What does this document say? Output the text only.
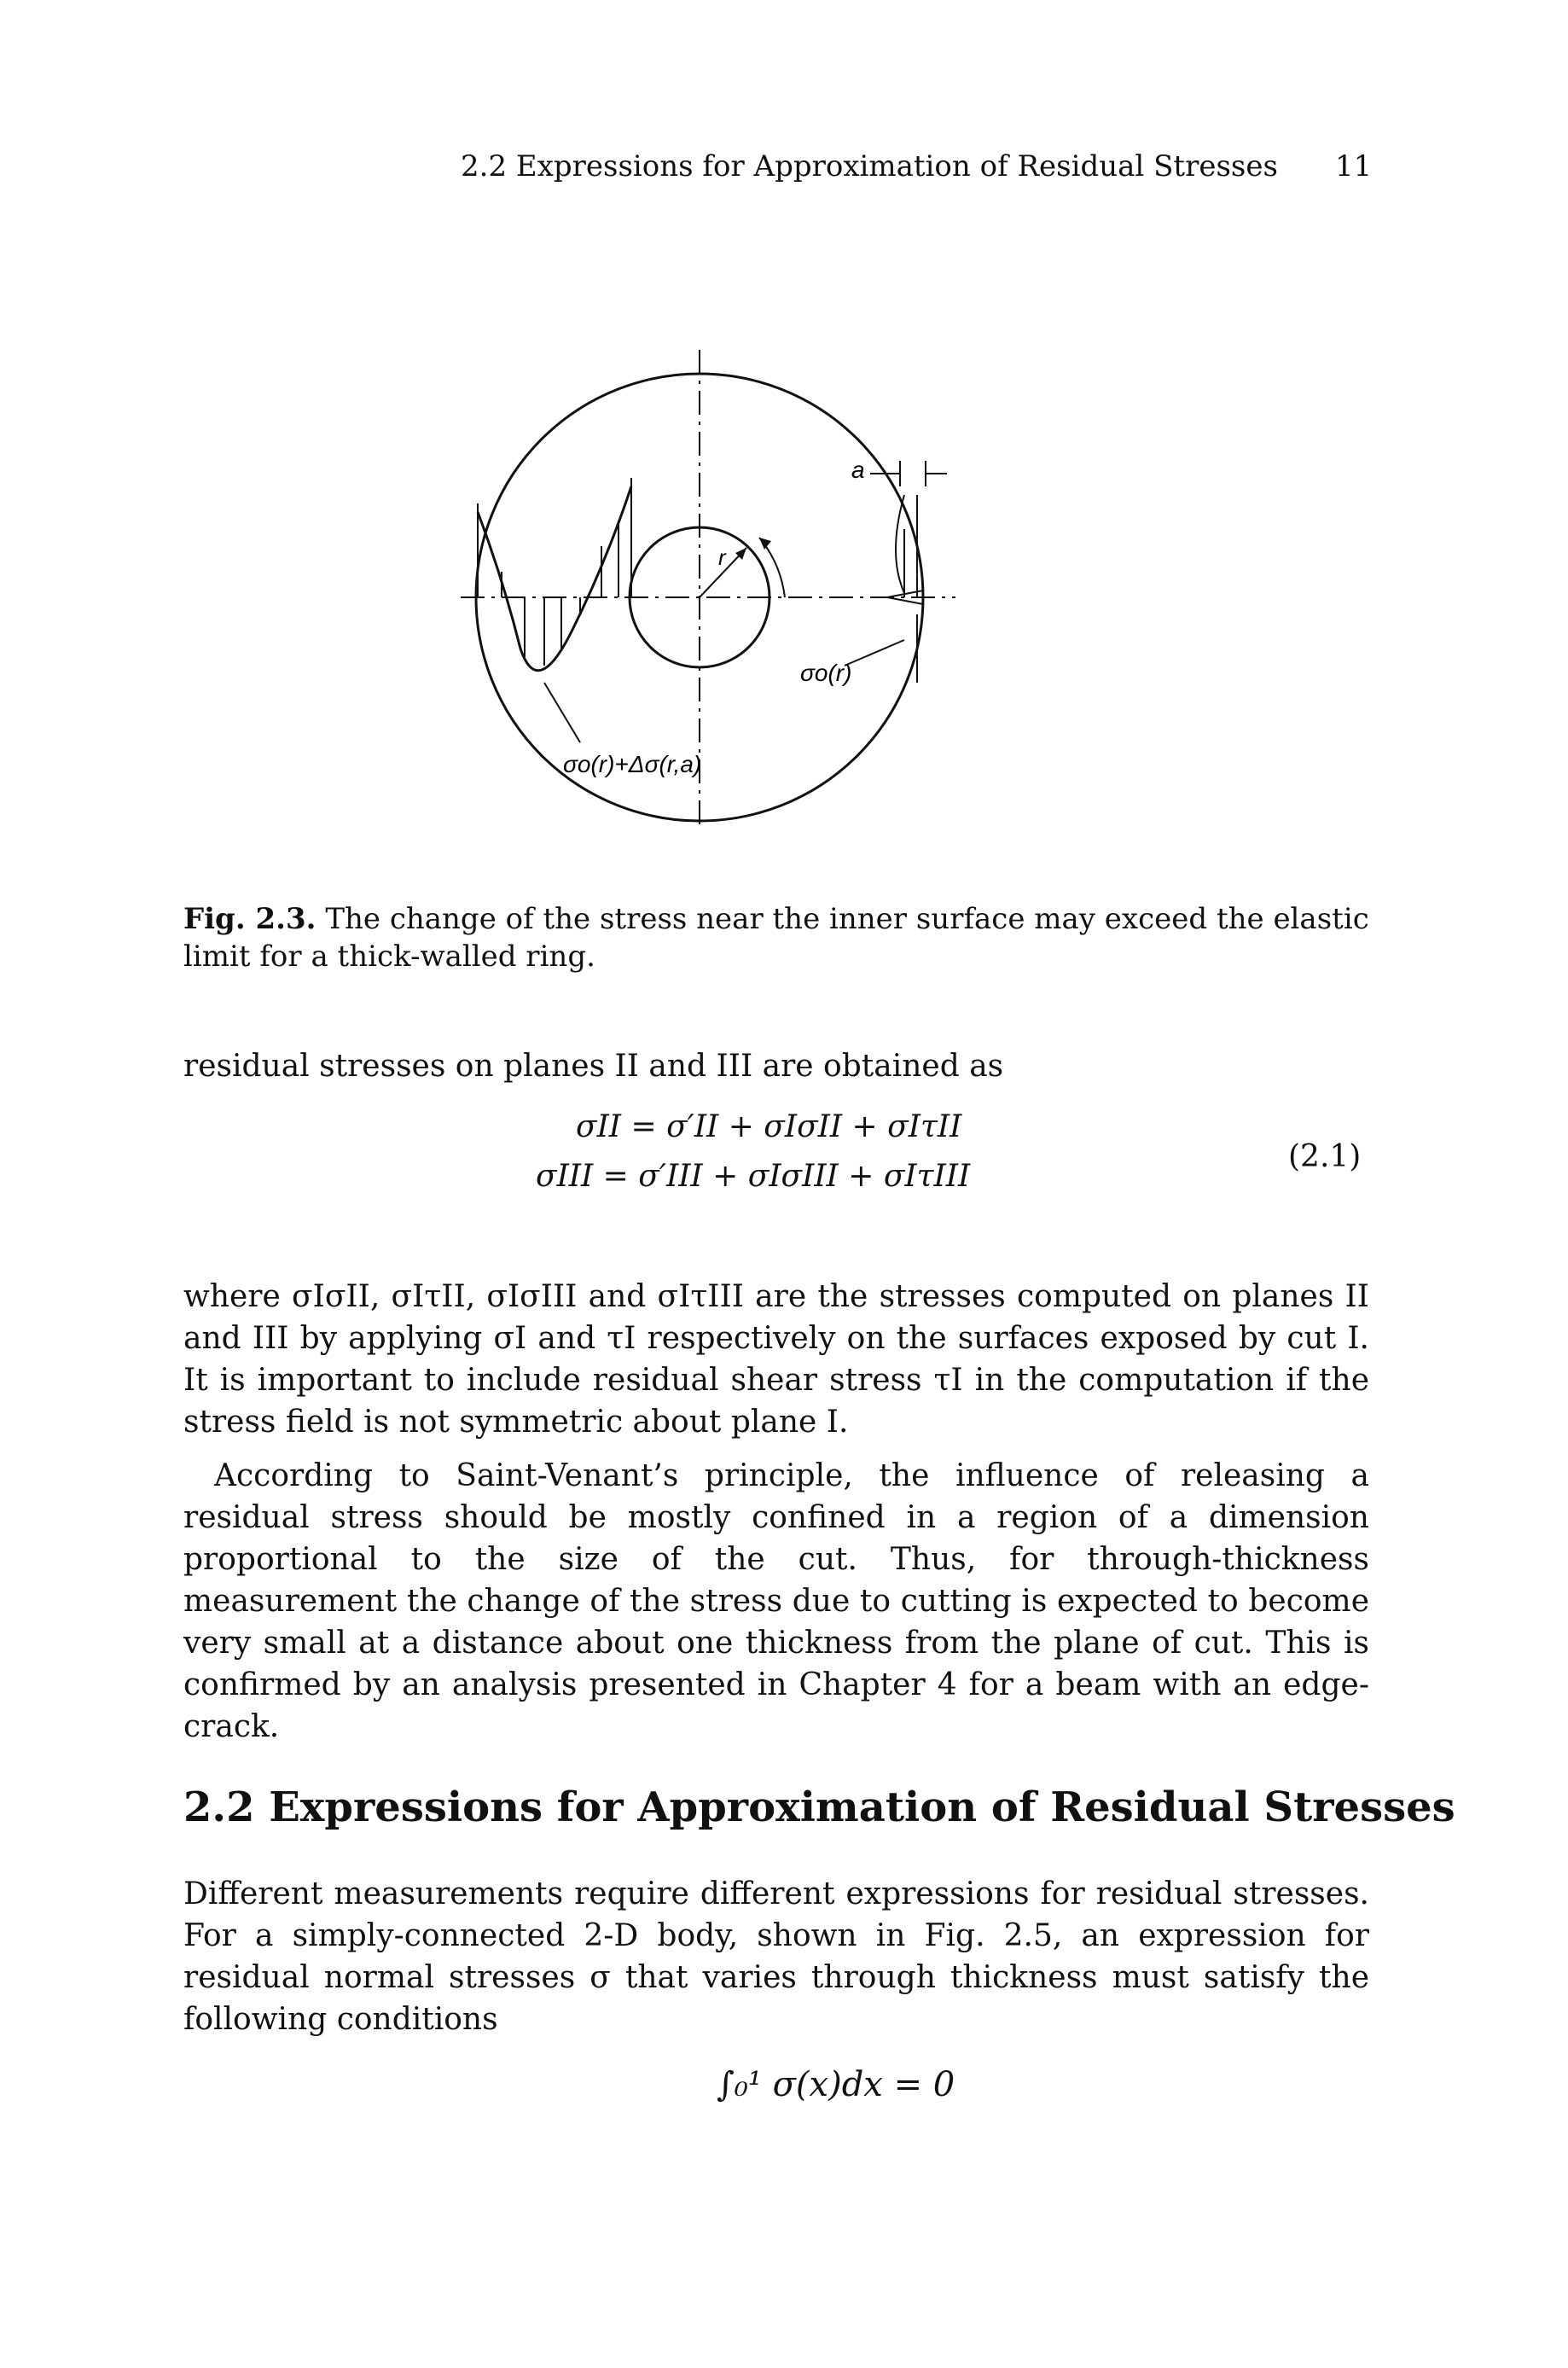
2.2 Expressions for Approximation of Residual Stresses 11
a
r
σo(r)
σo(r)+Δσ(r,a)
Fig. 2.3. The change of the stress near the inner surface may exceed the elastic limit for a thick-walled ring.
residual stresses on planes II and III are obtained as
σII = σ′II + σIσII + σIτII
σIII = σ′III + σIσIII + σIτIII
(2.1)
where σIσII, σIτII, σIσIII and σIτIII are the stresses computed on planes II and III by applying σI and τI respectively on the surfaces exposed by cut I. It is important to include residual shear stress τI in the computation if the stress field is not symmetric about plane I.
According to Saint-Venant’s principle, the influence of releasing a residual stress should be mostly confined in a region of a dimension proportional to the size of the cut. Thus, for through-thickness measurement the change of the stress due to cutting is expected to become very small at a distance about one thickness from the plane of cut. This is confirmed by an analysis presented in Chapter 4 for a beam with an edge-crack.
2.2 Expressions for Approximation of Residual Stresses
Different measurements require different expressions for residual stresses. For a simply-connected 2-D body, shown in Fig. 2.5, an expression for residual normal stresses σ that varies through thickness must satisfy the following conditions
∫₀¹ σ(x)dx = 0
